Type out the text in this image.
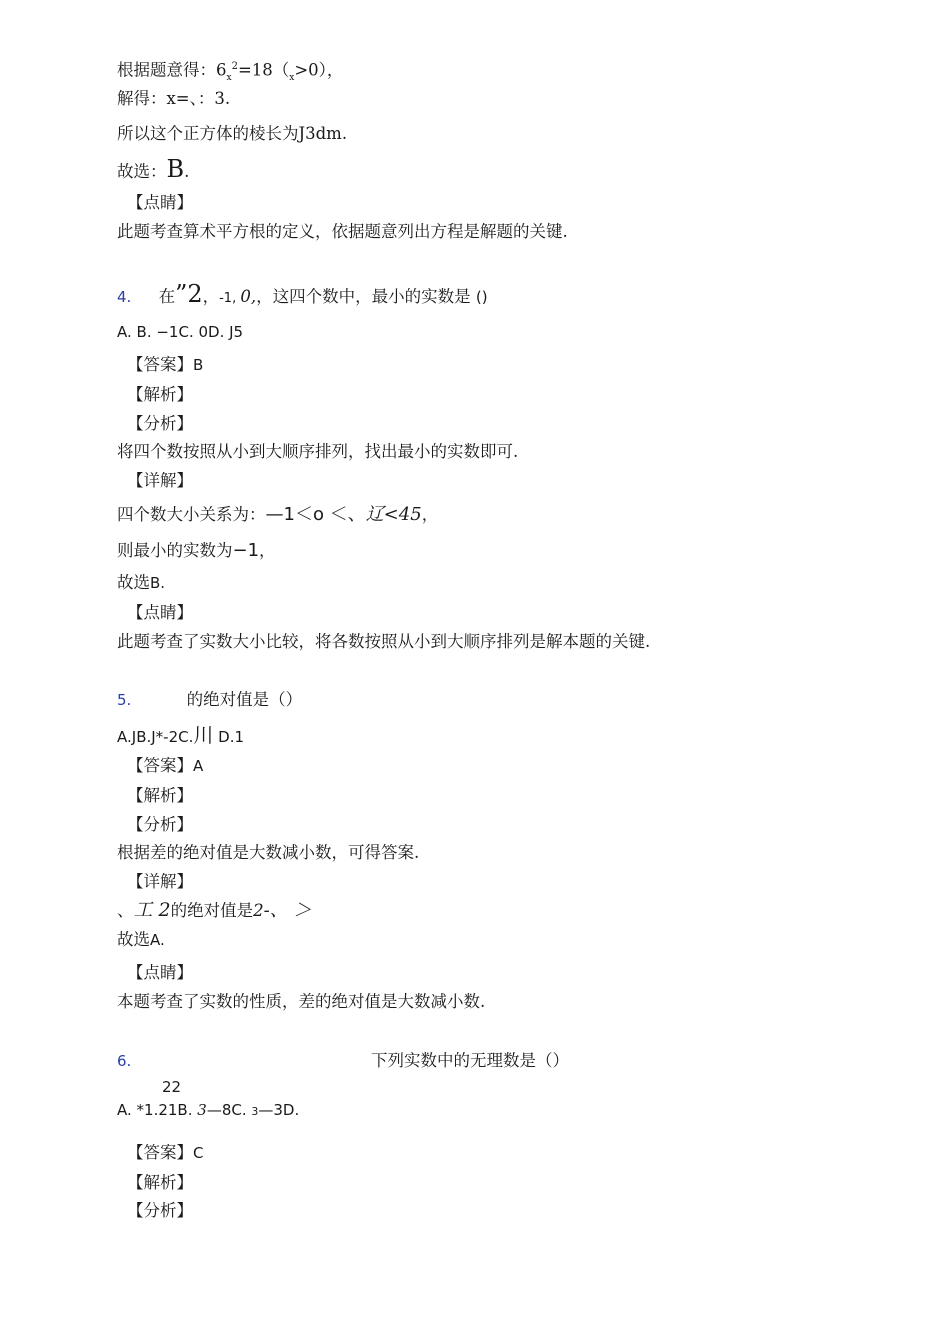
根据题意得：$6_x^2=18(_x>0)$，
解得：x=、：3.
所以这个正方体的棱长为J3dm.
故选：B.
【点睛】
此题考查算术平方根的定义，依据题意列出方程是解题的关键.
4. 在”2，-1, 0,，这四个数中，最小的实数是 ()
A. B. −1C. 0D. J5
【答案】B
【解析】
【分析】
将四个数按照从小到大顺序排列，找出最小的实数即可.
【详解】
四个数大小关系为：—1＜o ＜、辽<45，
则最小的实数为−1，
故选B.
【点睛】
此题考查了实数大小比较，将各数按照从小到大顺序排列是解本题的关键.
5.	的绝对值是（）
A.JB.J*-2C.川 D.1
【答案】A
【解析】
【分析】
根据差的绝对值是大数减小数，可得答案.
【详解】
、工 2的绝对值是2-、 ＞
故选A.
【点睛】
本题考查了实数的性质，差的绝对值是大数减小数.
6.	下列实数中的无理数是（）
22
A. *1.21B. 3—8C. 3—3D.
【答案】C
【解析】
【分析】
